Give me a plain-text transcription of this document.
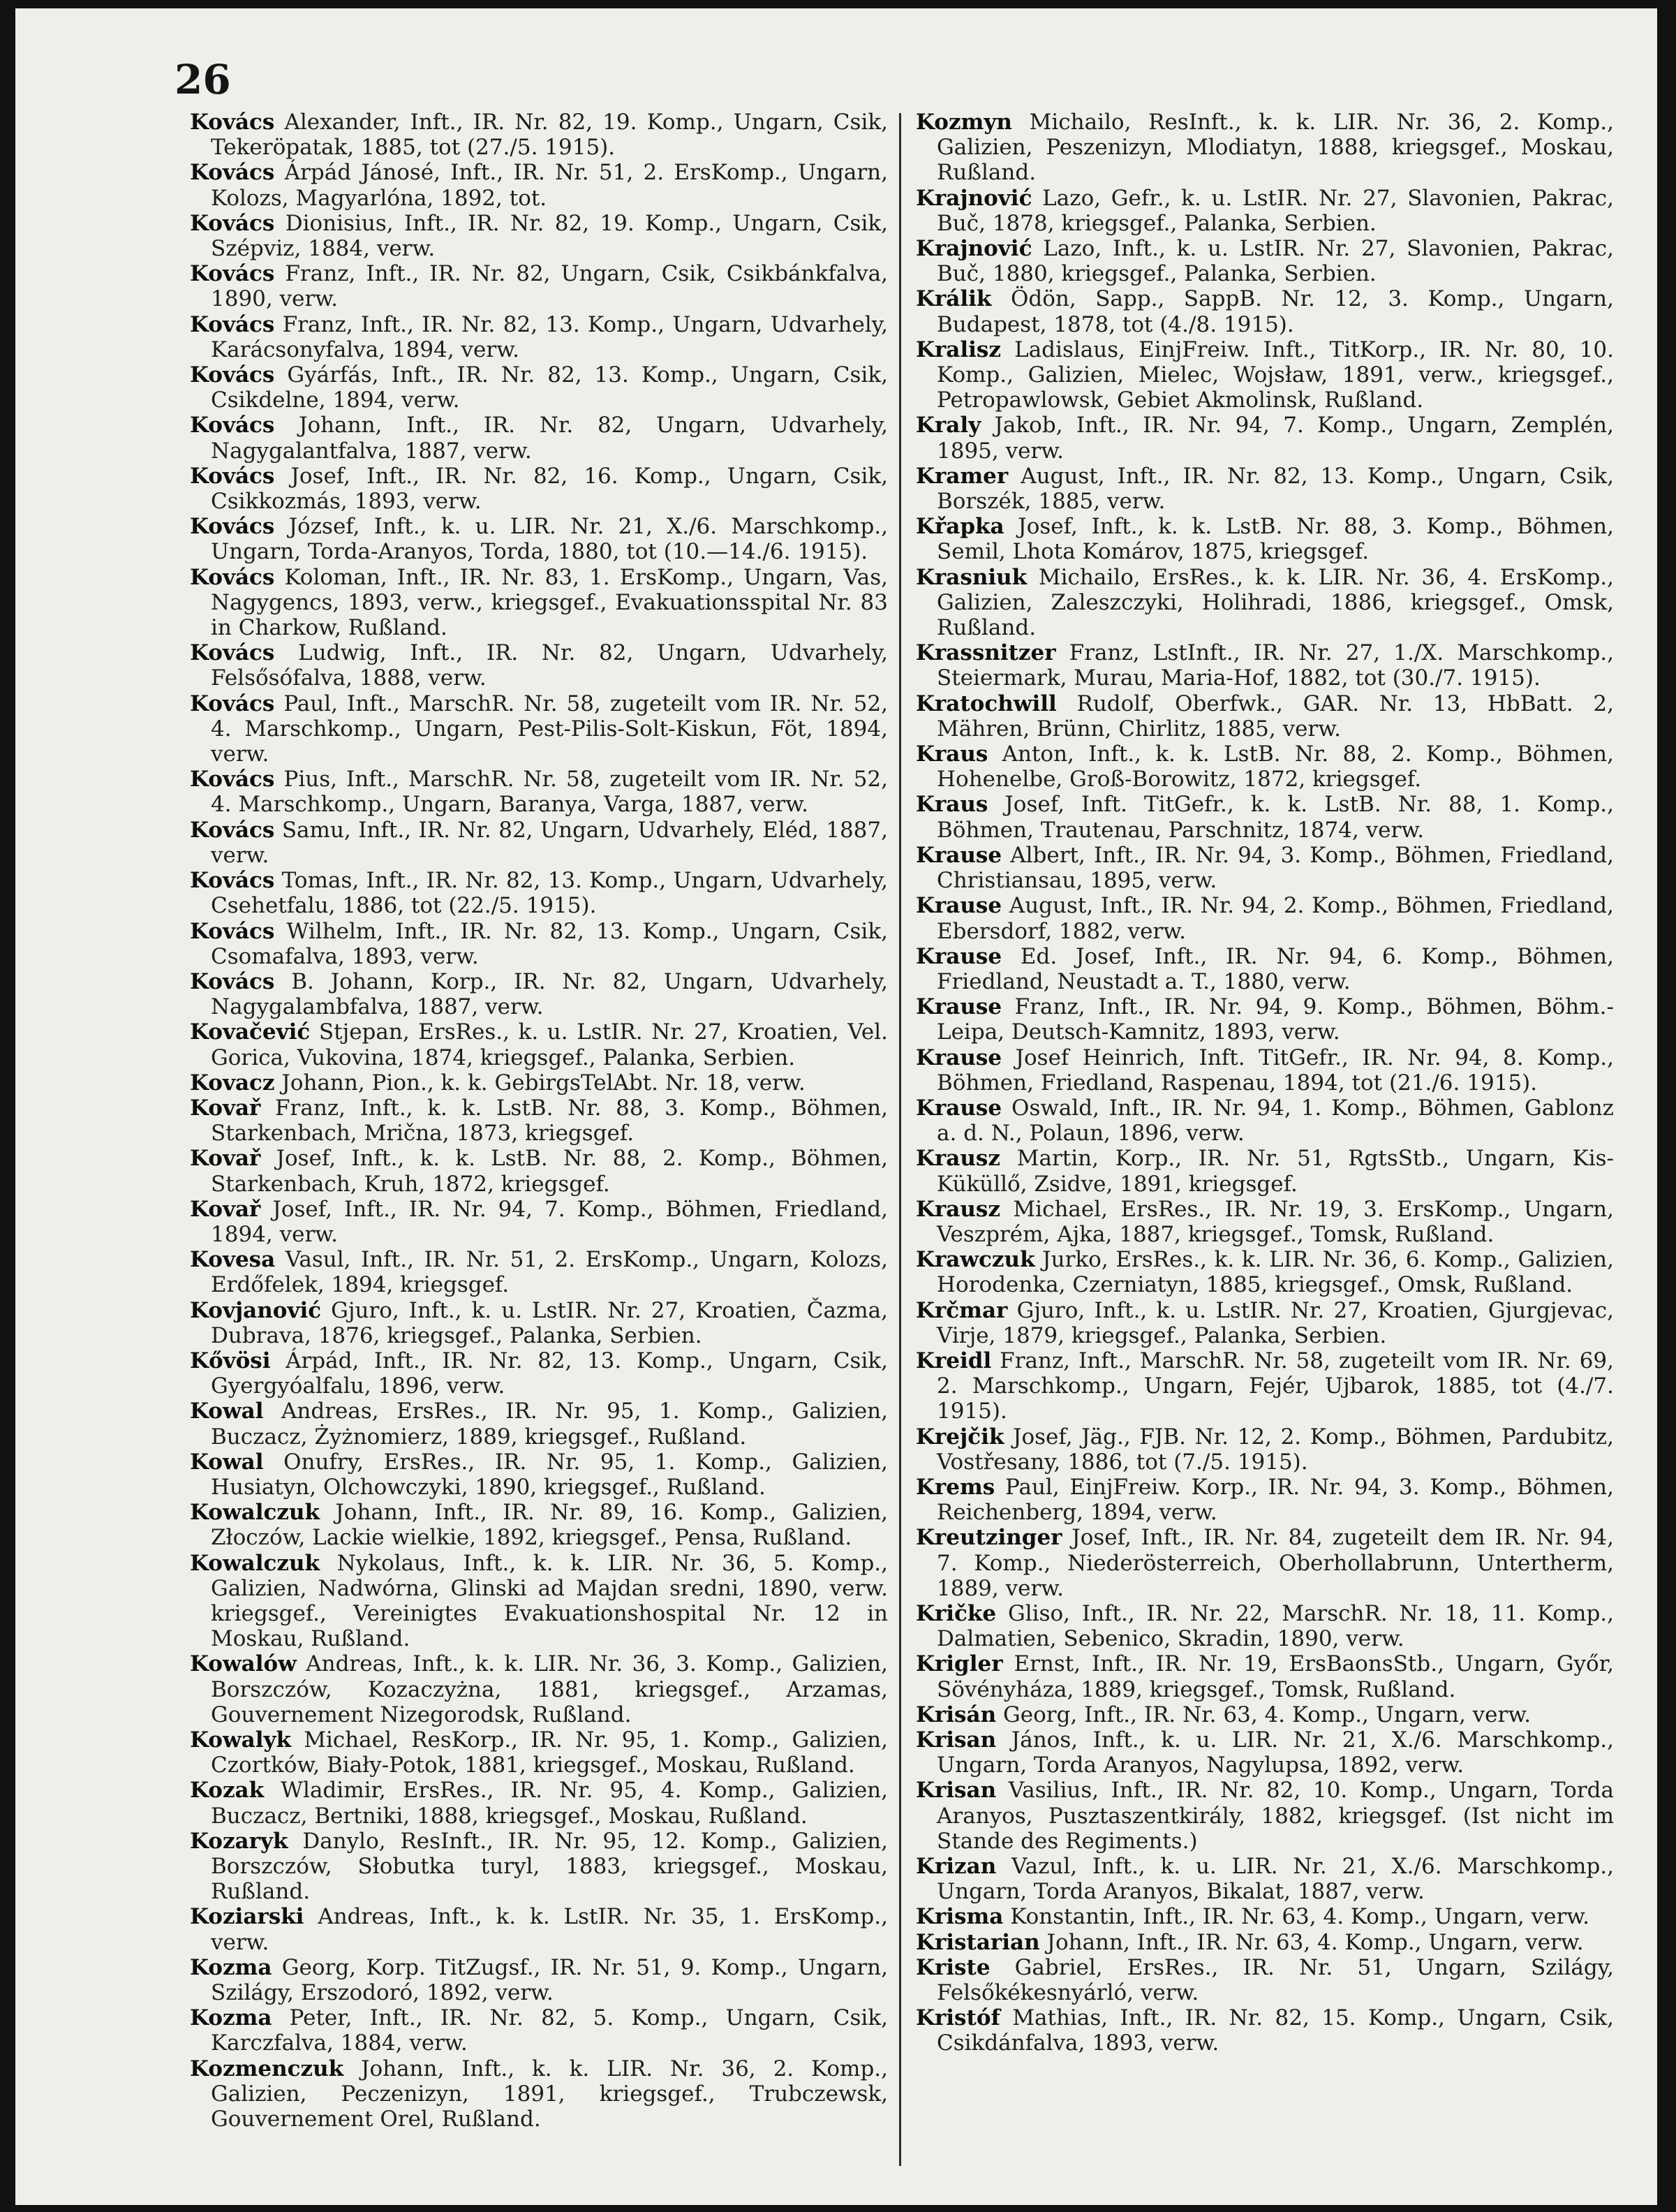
26

Kovács Alexander, Inft., IR. Nr. 82, 19. Komp., Ungarn, Csik, Tekeröpatak, 1885, tot (27./5. 1915).

Kovács Árpád Jánosé, Inft., IR. Nr. 51, 2. ErsKomp., Ungarn, Kolozs, Magyarlóna, 1892, tot.

Kovács Dionisius, Inft., IR. Nr. 82, 19. Komp., Ungarn, Csik, Szépviz, 1884, verw.

Kovács Franz, Inft., IR. Nr. 82, Ungarn, Csik, Csikbánkfalva, 1890, verw.

Kovács Franz, Inft., IR. Nr. 82, 13. Komp., Ungarn, Udvarhely, Karácsonyfalva, 1894, verw.

Kovács Gyárfás, Inft., IR. Nr. 82, 13. Komp., Ungarn, Csik, Csikdelne, 1894, verw.

Kovács Johann, Inft., IR. Nr. 82, Ungarn, Udvarhely, Nagygalantfalva, 1887, verw.

Kovács Josef, Inft., IR. Nr. 82, 16. Komp., Ungarn, Csik, Csikkozmás, 1893, verw.

Kovács József, Inft., k. u. LIR. Nr. 21, X./6. Marschkomp., Ungarn, Torda-Aranyos, Torda, 1880, tot (10.—14./6. 1915).

Kovács Koloman, Inft., IR. Nr. 83, 1. ErsKomp., Ungarn, Vas, Nagygencs, 1893, verw., kriegsgef., Evakuationsspital Nr. 83 in Charkow, Rußland.

Kovács Ludwig, Inft., IR. Nr. 82, Ungarn, Udvarhely, Felsősófalva, 1888, verw.

Kovács Paul, Inft., MarschR. Nr. 58, zugeteilt vom IR. Nr. 52, 4. Marschkomp., Ungarn, Pest-Pilis-Solt-Kiskun, Föt, 1894, verw.

Kovács Pius, Inft., MarschR. Nr. 58, zugeteilt vom IR. Nr. 52, 4. Marschkomp., Ungarn, Baranya, Varga, 1887, verw.

Kovács Samu, Inft., IR. Nr. 82, Ungarn, Udvarhely, Eléd, 1887, verw.

Kovács Tomas, Inft., IR. Nr. 82, 13. Komp., Ungarn, Udvarhely, Csehetfalu, 1886, tot (22./5. 1915).

Kovács Wilhelm, Inft., IR. Nr. 82, 13. Komp., Ungarn, Csik, Csomafalva, 1893, verw.

Kovács B. Johann, Korp., IR. Nr. 82, Ungarn, Udvarhely, Nagygalambfalva, 1887, verw.

Kovačević Stjepan, ErsRes., k. u. LstIR. Nr. 27, Kroatien, Vel. Gorica, Vukovina, 1874, kriegsgef., Palanka, Serbien.

Kovacz Johann, Pion., k. k. GebirgsTelAbt. Nr. 18, verw.

Kovař Franz, Inft., k. k. LstB. Nr. 88, 3. Komp., Böhmen, Starkenbach, Mrična, 1873, kriegsgef.

Kovař Josef, Inft., k. k. LstB. Nr. 88, 2. Komp., Böhmen, Starkenbach, Kruh, 1872, kriegsgef.

Kovař Josef, Inft., IR. Nr. 94, 7. Komp., Böhmen, Friedland, 1894, verw.

Kovesa Vasul, Inft., IR. Nr. 51, 2. ErsKomp., Ungarn, Kolozs, Erdőfelek, 1894, kriegsgef.

Kovjanović Gjuro, Inft., k. u. LstIR. Nr. 27, Kroatien, Čazma, Dubrava, 1876, kriegsgef., Palanka, Serbien.

Kővösi Árpád, Inft., IR. Nr. 82, 13. Komp., Ungarn, Csik, Gyergyóalfalu, 1896, verw.

Kowal Andreas, ErsRes., IR. Nr. 95, 1. Komp., Galizien, Buczacz, Żyżnomierz, 1889, kriegsgef., Rußland.

Kowal Onufry, ErsRes., IR. Nr. 95, 1. Komp., Galizien, Husiatyn, Olchowczyki, 1890, kriegsgef., Rußland.

Kowalczuk Johann, Inft., IR. Nr. 89, 16. Komp., Galizien, Złoczów, Lackie wielkie, 1892, kriegsgef., Pensa, Rußland.

Kowalczuk Nykolaus, Inft., k. k. LIR. Nr. 36, 5. Komp., Galizien, Nadwórna, Glinski ad Majdan sredni, 1890, verw. kriegsgef., Vereinigtes Evakuationshospital Nr. 12 in Moskau, Rußland.

Kowalów Andreas, Inft., k. k. LIR. Nr. 36, 3. Komp., Galizien, Borszczów, Kozaczyżna, 1881, kriegsgef., Arzamas, Gouvernement Nizegorodsk, Rußland.

Kowalyk Michael, ResKorp., IR. Nr. 95, 1. Komp., Galizien, Czortków, Biały-Potok, 1881, kriegsgef., Moskau, Rußland.

Kozak Wladimir, ErsRes., IR. Nr. 95, 4. Komp., Galizien, Buczacz, Bertniki, 1888, kriegsgef., Moskau, Rußland.

Kozaryk Danylo, ResInft., IR. Nr. 95, 12. Komp., Galizien, Borszczów, Słobutka turyl, 1883, kriegsgef., Moskau, Rußland.

Koziarski Andreas, Inft., k. k. LstIR. Nr. 35, 1. ErsKomp., verw.

Kozma Georg, Korp. TitZugsf., IR. Nr. 51, 9. Komp., Ungarn, Szilágy, Erszodoró, 1892, verw.

Kozma Peter, Inft., IR. Nr. 82, 5. Komp., Ungarn, Csik, Karczfalva, 1884, verw.

Kozmenczuk Johann, Inft., k. k. LIR. Nr. 36, 2. Komp., Galizien, Peczenizyn, 1891, kriegsgef., Trubczewsk, Gouvernement Orel, Rußland.

Kozmyn Michailo, ResInft., k. k. LIR. Nr. 36, 2. Komp., Galizien, Peszenizyn, Mlodiatyn, 1888, kriegsgef., Moskau, Rußland.

Krajnović Lazo, Gefr., k. u. LstIR. Nr. 27, Slavonien, Pakrac, Buč, 1878, kriegsgef., Palanka, Serbien.

Krajnović Lazo, Inft., k. u. LstIR. Nr. 27, Slavonien, Pakrac, Buč, 1880, kriegsgef., Palanka, Serbien.

Králik Ödön, Sapp., SappB. Nr. 12, 3. Komp., Ungarn, Budapest, 1878, tot (4./8. 1915).

Kralisz Ladislaus, EinjFreiw. Inft., TitKorp., IR. Nr. 80, 10. Komp., Galizien, Mielec, Wojsław, 1891, verw., kriegsgef., Petropawlowsk, Gebiet Akmolinsk, Rußland.

Kraly Jakob, Inft., IR. Nr. 94, 7. Komp., Ungarn, Zemplén, 1895, verw.

Kramer August, Inft., IR. Nr. 82, 13. Komp., Ungarn, Csik, Borszék, 1885, verw.

Křapka Josef, Inft., k. k. LstB. Nr. 88, 3. Komp., Böhmen, Semil, Lhota Komárov, 1875, kriegsgef.

Krasniuk Michailo, ErsRes., k. k. LIR. Nr. 36, 4. ErsKomp., Galizien, Zaleszczyki, Holihradi, 1886, kriegsgef., Omsk, Rußland.

Krassnitzer Franz, LstInft., IR. Nr. 27, 1./X. Marschkomp., Steiermark, Murau, Maria-Hof, 1882, tot (30./7. 1915).

Kratochwill Rudolf, Oberfwk., GAR. Nr. 13, HbBatt. 2, Mähren, Brünn, Chirlitz, 1885, verw.

Kraus Anton, Inft., k. k. LstB. Nr. 88, 2. Komp., Böhmen, Hohenelbe, Groß-Borowitz, 1872, kriegsgef.

Kraus Josef, Inft. TitGefr., k. k. LstB. Nr. 88, 1. Komp., Böhmen, Trautenau, Parschnitz, 1874, verw.

Krause Albert, Inft., IR. Nr. 94, 3. Komp., Böhmen, Friedland, Christiansau, 1895, verw.

Krause August, Inft., IR. Nr. 94, 2. Komp., Böhmen, Friedland, Ebersdorf, 1882, verw.

Krause Ed. Josef, Inft., IR. Nr. 94, 6. Komp., Böhmen, Friedland, Neustadt a. T., 1880, verw.

Krause Franz, Inft., IR. Nr. 94, 9. Komp., Böhmen, Böhm.-Leipa, Deutsch-Kamnitz, 1893, verw.

Krause Josef Heinrich, Inft. TitGefr., IR. Nr. 94, 8. Komp., Böhmen, Friedland, Raspenau, 1894, tot (21./6. 1915).

Krause Oswald, Inft., IR. Nr. 94, 1. Komp., Böhmen, Gablonz a. d. N., Polaun, 1896, verw.

Krausz Martin, Korp., IR. Nr. 51, RgtsStb., Ungarn, Kis-Küküllő, Zsidve, 1891, kriegsgef.

Krausz Michael, ErsRes., IR. Nr. 19, 3. ErsKomp., Ungarn, Veszprém, Ajka, 1887, kriegsgef., Tomsk, Rußland.

Krawczuk Jurko, ErsRes., k. k. LIR. Nr. 36, 6. Komp., Galizien, Horodenka, Czerniatyn, 1885, kriegsgef., Omsk, Rußland.

Krčmar Gjuro, Inft., k. u. LstIR. Nr. 27, Kroatien, Gjurgjevac, Virje, 1879, kriegsgef., Palanka, Serbien.

Kreidl Franz, Inft., MarschR. Nr. 58, zugeteilt vom IR. Nr. 69, 2. Marschkomp., Ungarn, Fejér, Ujbarok, 1885, tot (4./7. 1915).

Krejčik Josef, Jäg., FJB. Nr. 12, 2. Komp., Böhmen, Pardubitz, Vostřesany, 1886, tot (7./5. 1915).

Krems Paul, EinjFreiw. Korp., IR. Nr. 94, 3. Komp., Böhmen, Reichenberg, 1894, verw.

Kreutzinger Josef, Inft., IR. Nr. 84, zugeteilt dem IR. Nr. 94, 7. Komp., Niederösterreich, Oberhollabrunn, Untertherm, 1889, verw.

Kričke Gliso, Inft., IR. Nr. 22, MarschR. Nr. 18, 11. Komp., Dalmatien, Sebenico, Skradin, 1890, verw.

Krigler Ernst, Inft., IR. Nr. 19, ErsBaonsStb., Ungarn, Győr, Sövényháza, 1889, kriegsgef., Tomsk, Rußland.

Krisán Georg, Inft., IR. Nr. 63, 4. Komp., Ungarn, verw.

Krisan János, Inft., k. u. LIR. Nr. 21, X./6. Marschkomp., Ungarn, Torda Aranyos, Nagylupsa, 1892, verw.

Krisan Vasilius, Inft., IR. Nr. 82, 10. Komp., Ungarn, Torda Aranyos, Pusztaszentkirály, 1882, kriegsgef. (Ist nicht im Stande des Regiments.)

Krizan Vazul, Inft., k. u. LIR. Nr. 21, X./6. Marschkomp., Ungarn, Torda Aranyos, Bikalat, 1887, verw.

Krisma Konstantin, Inft., IR. Nr. 63, 4. Komp., Ungarn, verw.

Kristarian Johann, Inft., IR. Nr. 63, 4. Komp., Ungarn, verw.

Kriste Gabriel, ErsRes., IR. Nr. 51, Ungarn, Szilágy, Felsőkékesnyárló, verw.

Kristóf Mathias, Inft., IR. Nr. 82, 15. Komp., Ungarn, Csik, Csikdánfalva, 1893, verw.
